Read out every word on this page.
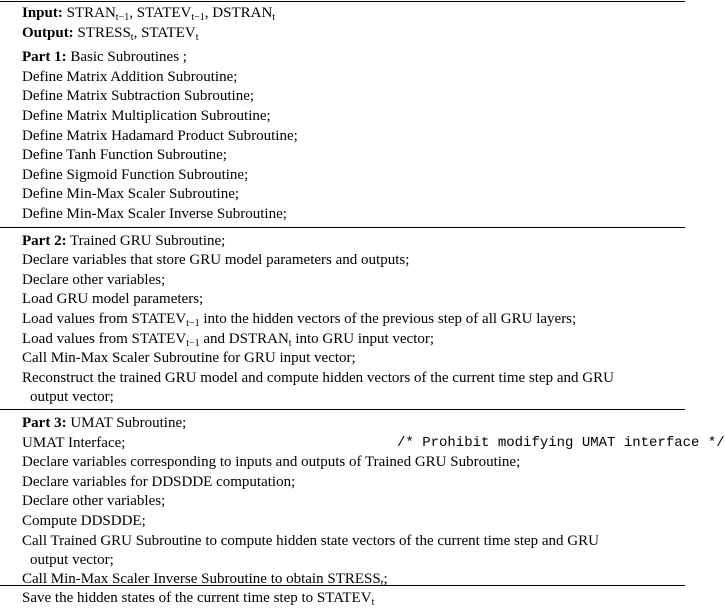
Input: $STRAN_{t-1}$, $STATEV_{t-1}$, $DSTRAN_t$
Output: $STRESS_t$, $STATEV_t$
Part 1: Basic Subroutines ;
Define Matrix Addition Subroutine;
Define Matrix Subtraction Subroutine;
Define Matrix Multiplication Subroutine;
Define Matrix Hadamard Product Subroutine;
Define Tanh Function Subroutine;
Define Sigmoid Function Subroutine;
Define Min-Max Scaler Subroutine;
Define Min-Max Scaler Inverse Subroutine;
Part 2: Trained GRU Subroutine;
Declare variables that store GRU model parameters and outputs;
Declare other variables;
Load GRU model parameters;
Load values from $STATEV_{t-1}$ into the hidden vectors of the previous step of all GRU layers;
Load values from $STATEV_{t-1}$ and $DSTRAN_t$ into GRU input vector;
Call Min-Max Scaler Subroutine for GRU input vector;
Reconstruct the trained GRU model and compute hidden vectors of the current time step and GRU
output vector;
Part 3: UMAT Subroutine;
UMAT Interface;	/* Prohibit modifying UMAT interface */
Declare variables corresponding to inputs and outputs of Trained GRU Subroutine;
Declare variables for DDSDDE computation;
Declare other variables;
Compute DDSDDE;
Call Trained GRU Subroutine to compute hidden state vectors of the current time step and GRU
output vector;
Call Min-Max Scaler Inverse Subroutine to obtain $STRESS_t$;
Save the hidden states of the current time step to $STATEV_t$
